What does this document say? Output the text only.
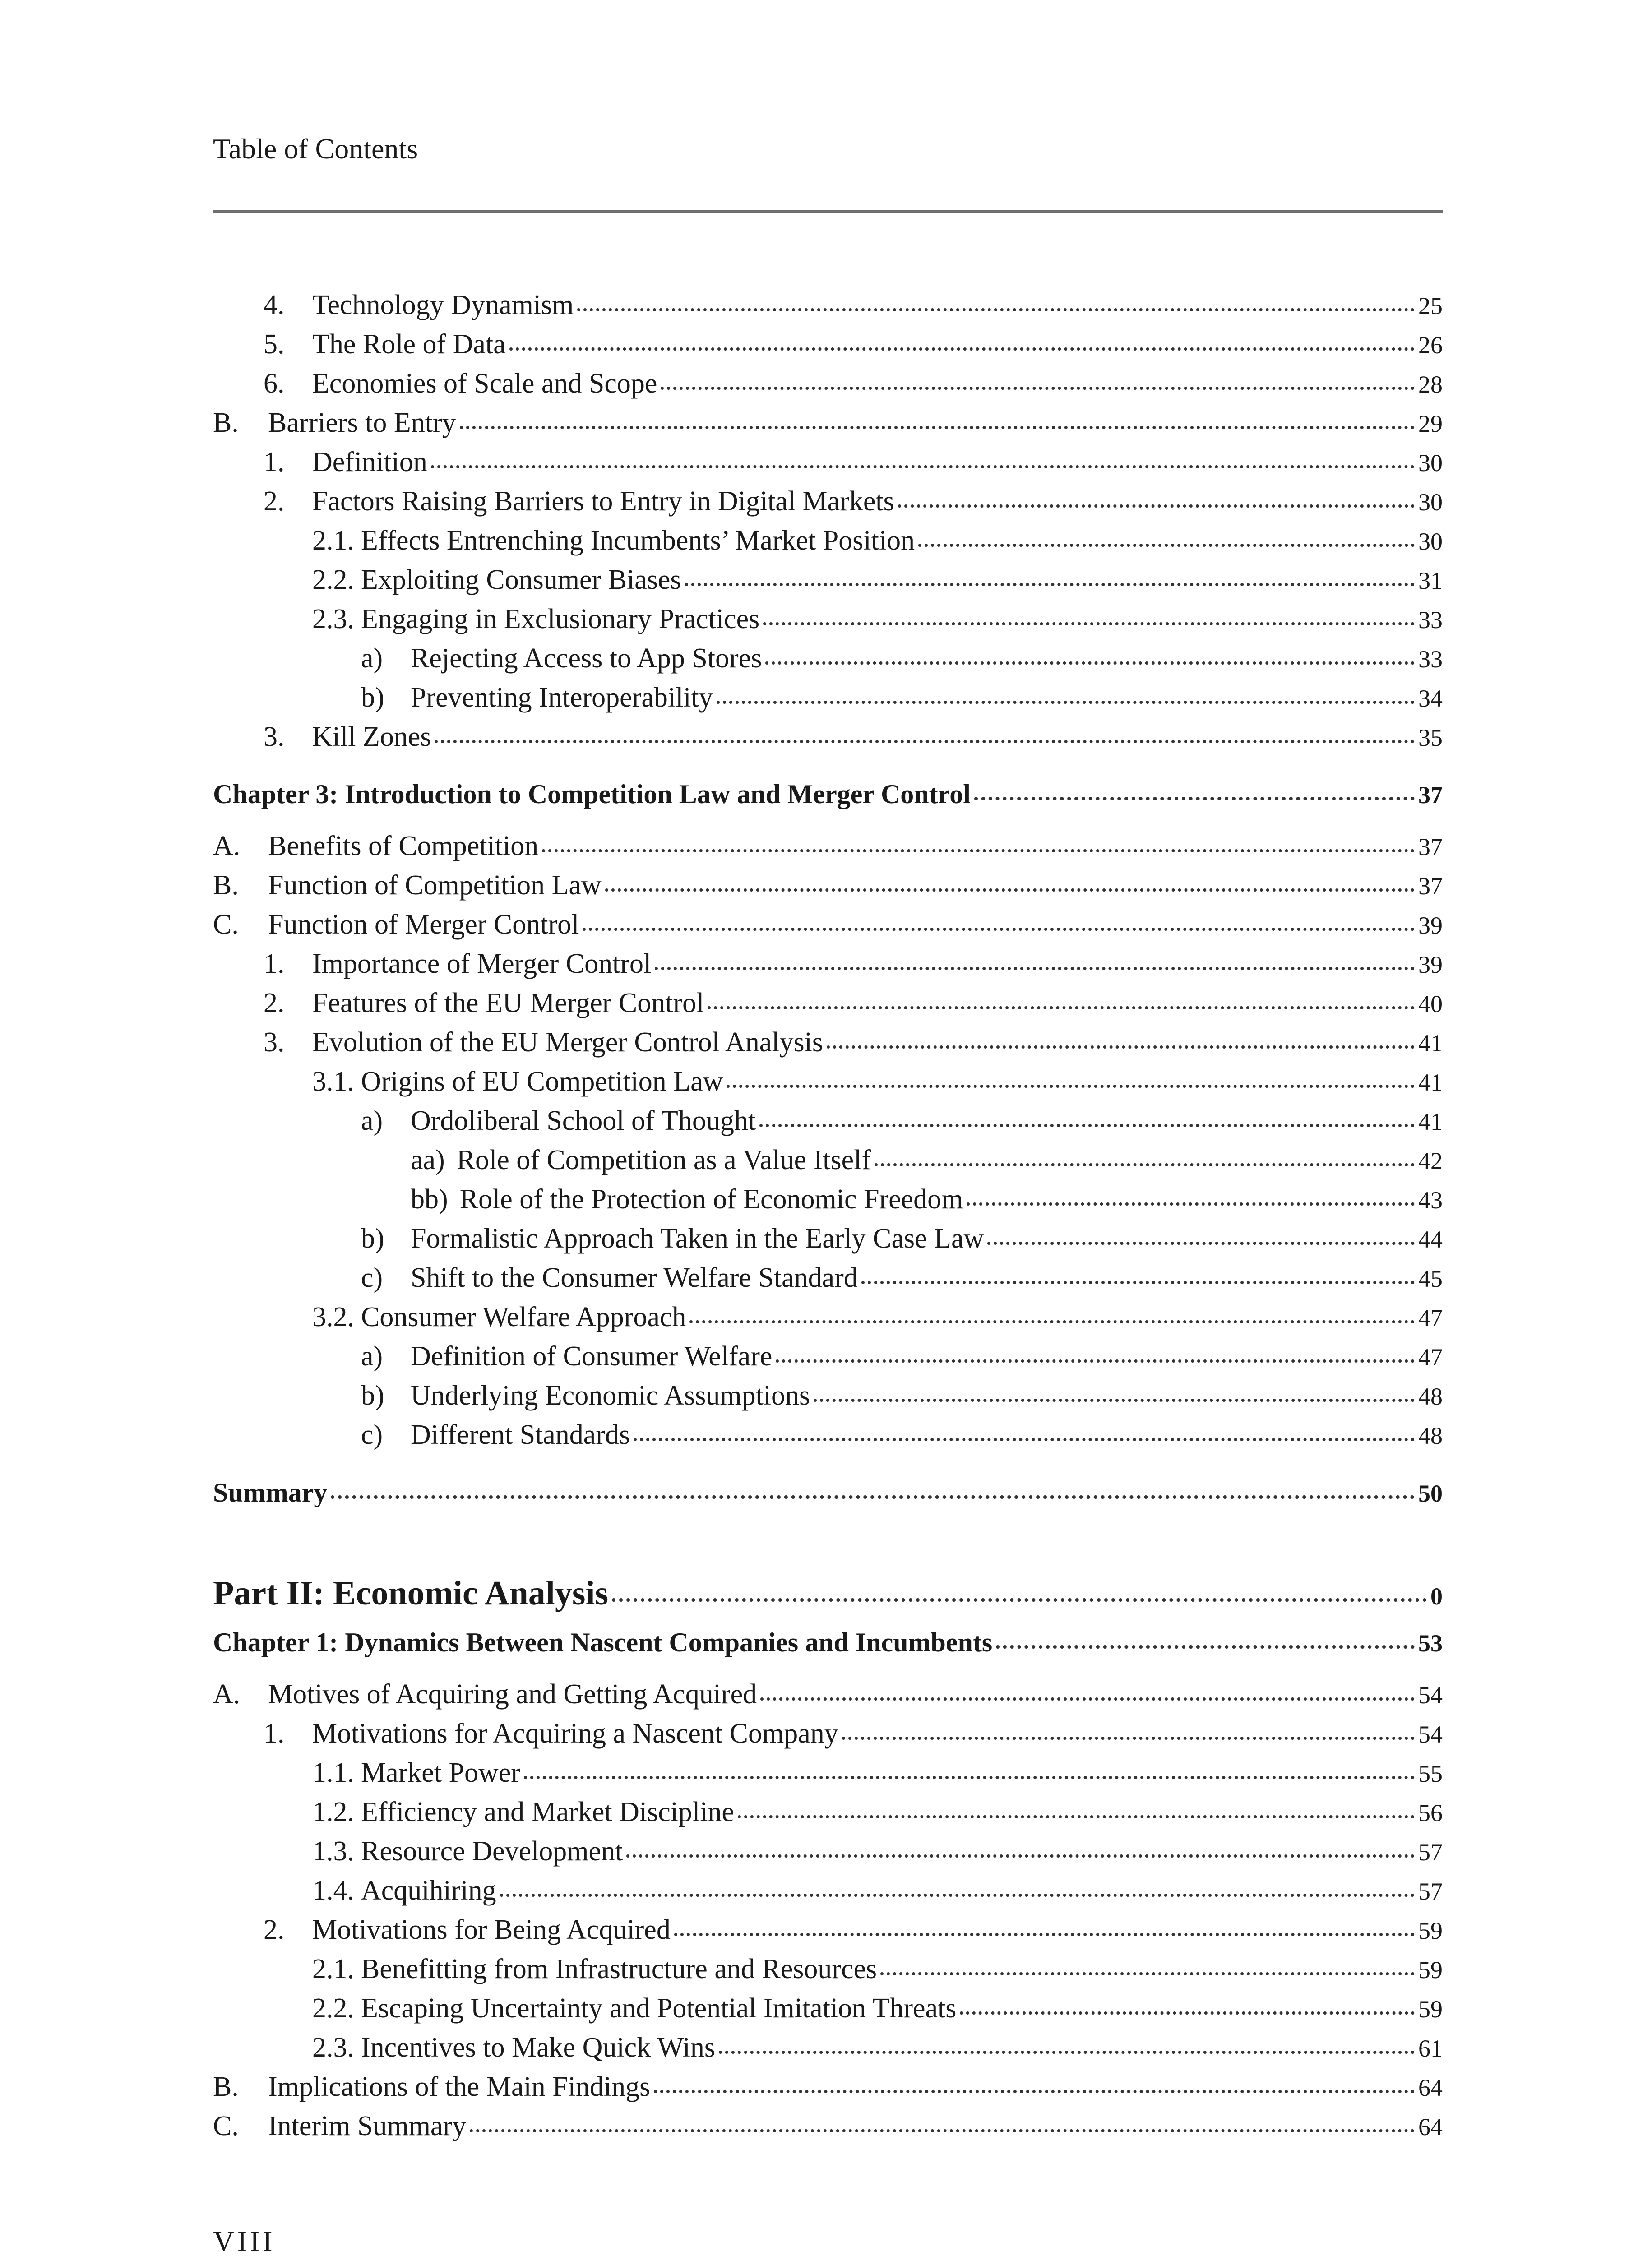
Table of Contents
4. Technology Dynamism	25
5. The Role of Data	26
6. Economies of Scale and Scope	28
B. Barriers to Entry	29
1. Definition	30
2. Factors Raising Barriers to Entry in Digital Markets	30
2.1. Effects Entrenching Incumbents’ Market Position	30
2.2. Exploiting Consumer Biases	31
2.3. Engaging in Exclusionary Practices	33
a) Rejecting Access to App Stores	33
b) Preventing Interoperability	34
3. Kill Zones	35
Chapter 3: Introduction to Competition Law and Merger Control	37
A. Benefits of Competition	37
B. Function of Competition Law	37
C. Function of Merger Control	39
1. Importance of Merger Control	39
2. Features of the EU Merger Control	40
3. Evolution of the EU Merger Control Analysis	41
3.1. Origins of EU Competition Law	41
a) Ordoliberal School of Thought	41
aa) Role of Competition as a Value Itself	42
bb) Role of the Protection of Economic Freedom	43
b) Formalistic Approach Taken in the Early Case Law	44
c) Shift to the Consumer Welfare Standard	45
3.2. Consumer Welfare Approach	47
a) Definition of Consumer Welfare	47
b) Underlying Economic Assumptions	48
c) Different Standards	48
Summary	50
Part II: Economic Analysis	0
Chapter 1: Dynamics Between Nascent Companies and Incumbents	53
A. Motives of Acquiring and Getting Acquired	54
1. Motivations for Acquiring a Nascent Company	54
1.1. Market Power	55
1.2. Efficiency and Market Discipline	56
1.3. Resource Development	57
1.4. Acquihiring	57
2. Motivations for Being Acquired	59
2.1. Benefitting from Infrastructure and Resources	59
2.2. Escaping Uncertainty and Potential Imitation Threats	59
2.3. Incentives to Make Quick Wins	61
B. Implications of the Main Findings	64
C. Interim Summary	64
VIII
